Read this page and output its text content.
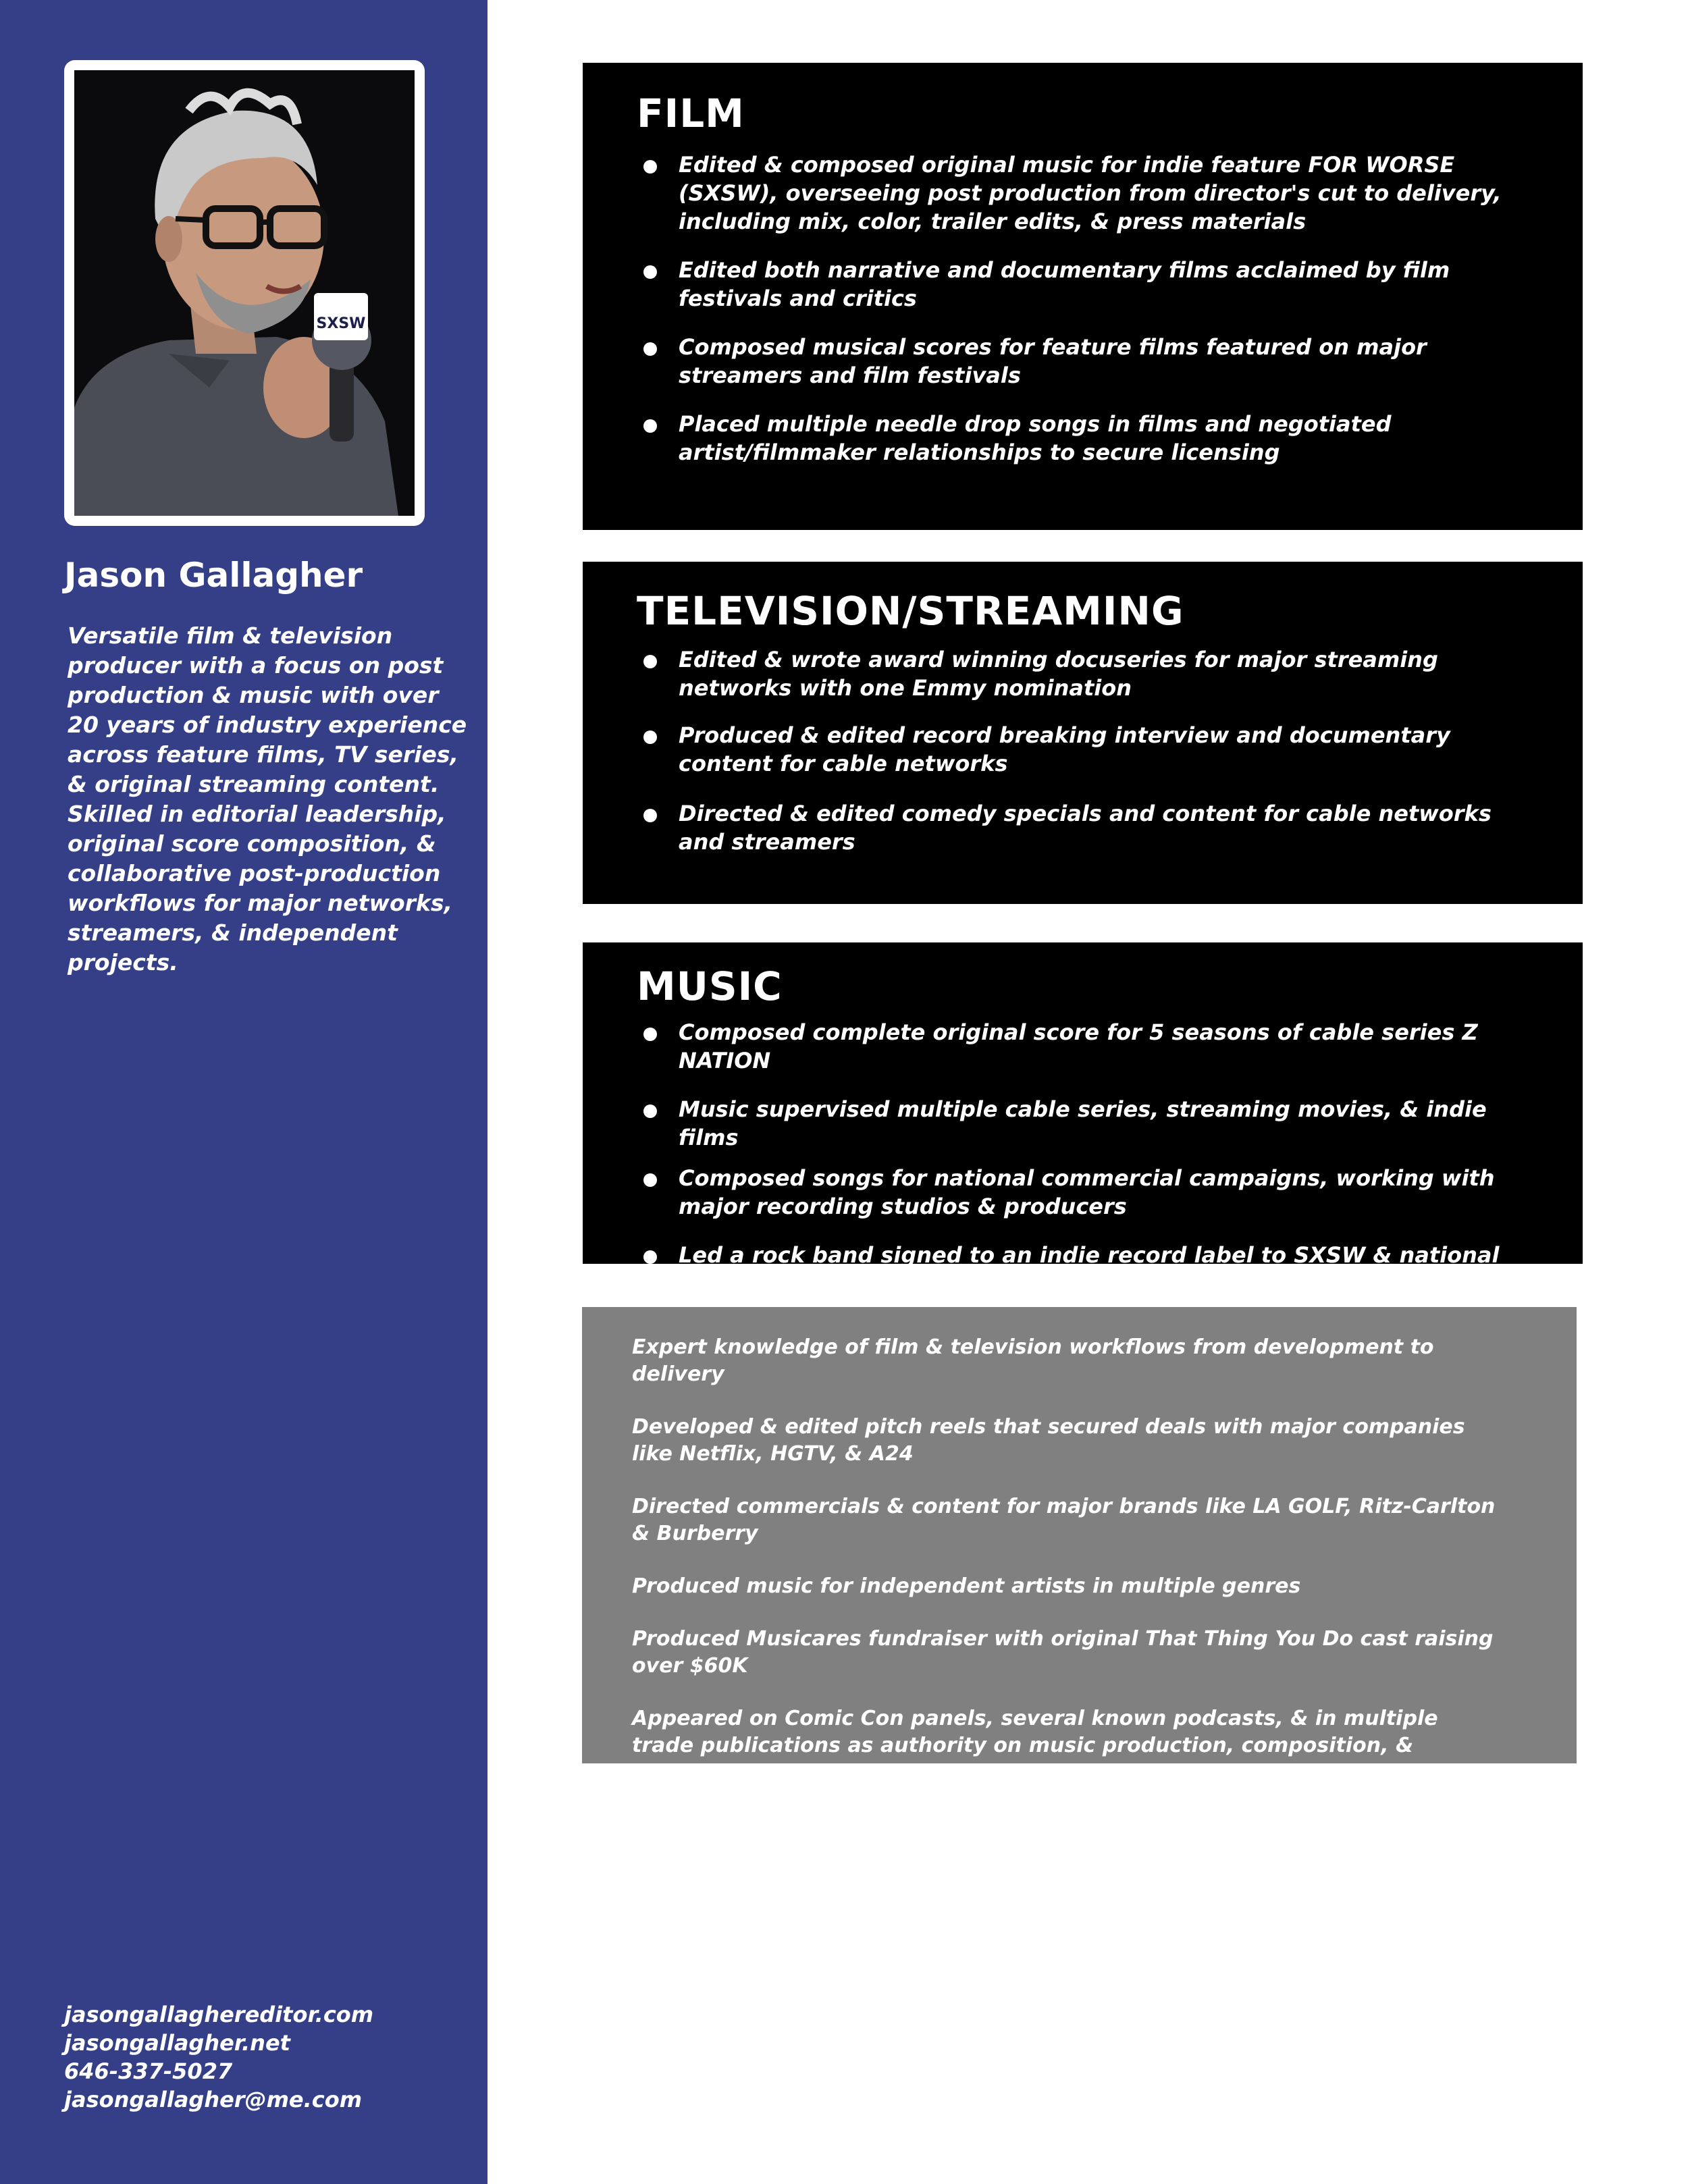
SXSW
Jason Gallagher

Versatile film & television producer with a focus on post production & music with over 20 years of industry experience across feature films, TV series, & original streaming content. Skilled in editorial leadership, original score composition, & collaborative post-production workflows for major networks, streamers, & independent projects.

jasongallaghereditor.com
jasongallagher.net
646-337-5027
jasongallagher@me.com
FILM
Edited & composed original music for indie feature FOR WORSE (SXSW), overseeing post production from director's cut to delivery, including mix, color, trailer edits, & press materials
Edited both narrative and documentary films acclaimed by film festivals and critics
Composed musical scores for feature films featured on major streamers and film festivals
Placed multiple needle drop songs in films and negotiated artist/filmmaker relationships to secure licensing
TELEVISION/STREAMING
Edited & wrote award winning docuseries for major streaming networks with one Emmy nomination
Produced & edited record breaking interview and documentary content for cable networks
Directed & edited comedy specials and content for cable networks and streamers
MUSIC
Composed complete original score for 5 seasons of cable series Z NATION
Music supervised multiple cable series, streaming movies, & indie films
Composed songs for national commercial campaigns, working with major recording studios & producers
Led a rock band signed to an indie record label to SXSW & national tours

Expert knowledge of film & television workflows from development to delivery

Developed & edited pitch reels that secured deals with major companies like Netflix, HGTV, & A24

Directed commercials & content for major brands like LA GOLF, Ritz-Carlton & Burberry

Produced music for independent artists in multiple genres

Produced Musicares fundraiser with original That Thing You Do cast raising over $60K

Appeared on Comic Con panels, several known podcasts, & in multiple trade publications as authority on music production, composition, & editing
